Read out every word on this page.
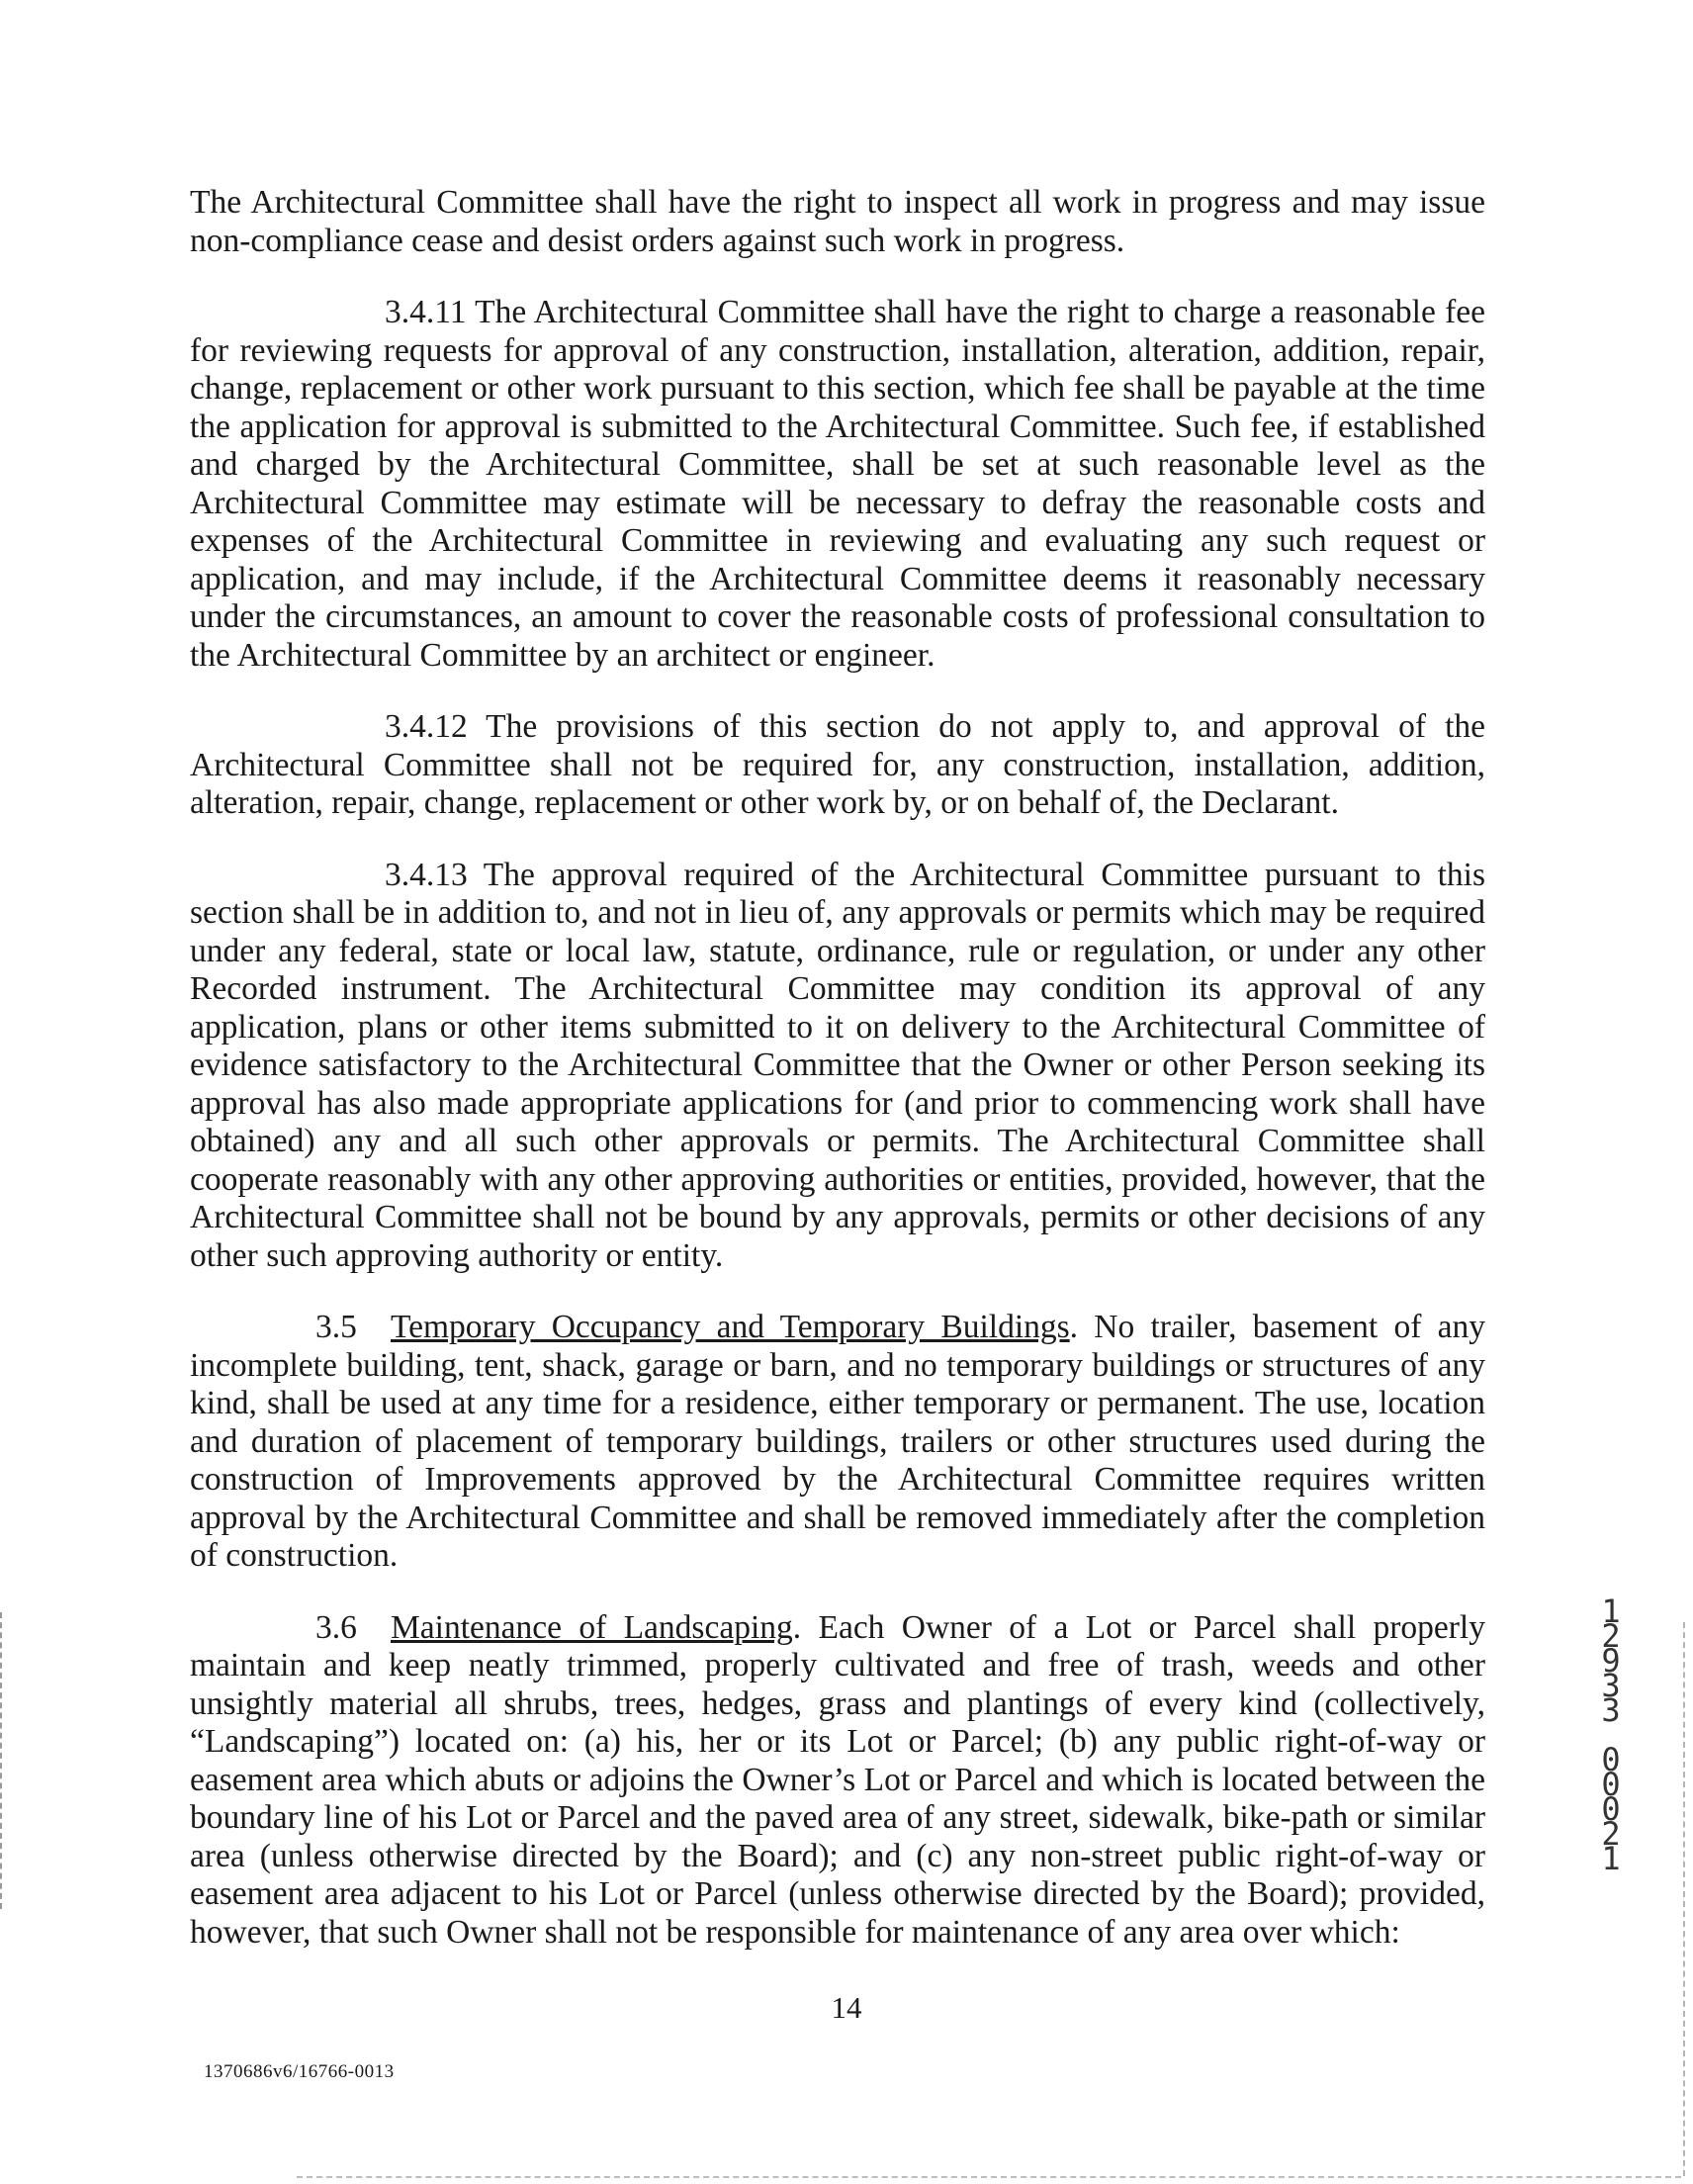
The Architectural Committee shall have the right to inspect all work in progress and may issue non-compliance cease and desist orders against such work in progress.

3.4.11 The Architectural Committee shall have the right to charge a reasonable fee for reviewing requests for approval of any construction, installation, alteration, addition, repair, change, replacement or other work pursuant to this section, which fee shall be payable at the time the application for approval is submitted to the Architectural Committee. Such fee, if established and charged by the Architectural Committee, shall be set at such reasonable level as the Architectural Committee may estimate will be necessary to defray the reasonable costs and expenses of the Architectural Committee in reviewing and evaluating any such request or application, and may include, if the Architectural Committee deems it reasonably necessary under the circumstances, an amount to cover the reasonable costs of professional consultation to the Architectural Committee by an architect or engineer.

3.4.12 The provisions of this section do not apply to, and approval of the Architectural Committee shall not be required for, any construction, installation, addition, alteration, repair, change, replacement or other work by, or on behalf of, the Declarant.

3.4.13 The approval required of the Architectural Committee pursuant to this section shall be in addition to, and not in lieu of, any approvals or permits which may be required under any federal, state or local law, statute, ordinance, rule or regulation, or under any other Recorded instrument. The Architectural Committee may condition its approval of any application, plans or other items submitted to it on delivery to the Architectural Committee of evidence satisfactory to the Architectural Committee that the Owner or other Person seeking its approval has also made appropriate applications for (and prior to commencing work shall have obtained) any and all such other approvals or permits. The Architectural Committee shall cooperate reasonably with any other approving authorities or entities, provided, however, that the Architectural Committee shall not be bound by any approvals, permits or other decisions of any other such approving authority or entity.

3.5 Temporary Occupancy and Temporary Buildings. No trailer, basement of any incomplete building, tent, shack, garage or barn, and no temporary buildings or structures of any kind, shall be used at any time for a residence, either temporary or permanent. The use, location and duration of placement of temporary buildings, trailers or other structures used during the construction of Improvements approved by the Architectural Committee requires written approval by the Architectural Committee and shall be removed immediately after the completion of construction.

3.6 Maintenance of Landscaping. Each Owner of a Lot or Parcel shall properly maintain and keep neatly trimmed, properly cultivated and free of trash, weeds and other unsightly material all shrubs, trees, hedges, grass and plantings of every kind (collectively, “Landscaping”) located on: (a) his, her or its Lot or Parcel; (b) any public right-of-way or easement area which abuts or adjoins the Owner’s Lot or Parcel and which is located between the boundary line of his Lot or Parcel and the paved area of any street, sidewalk, bike-path or similar area (unless otherwise directed by the Board); and (c) any non-street public right-of-way or easement area adjacent to his Lot or Parcel (unless otherwise directed by the Board); provided, however, that such Owner shall not be responsible for maintenance of any area over which:

1
2
9
3
3

0
0
0
2
1
14
1370686v6/16766-0013
